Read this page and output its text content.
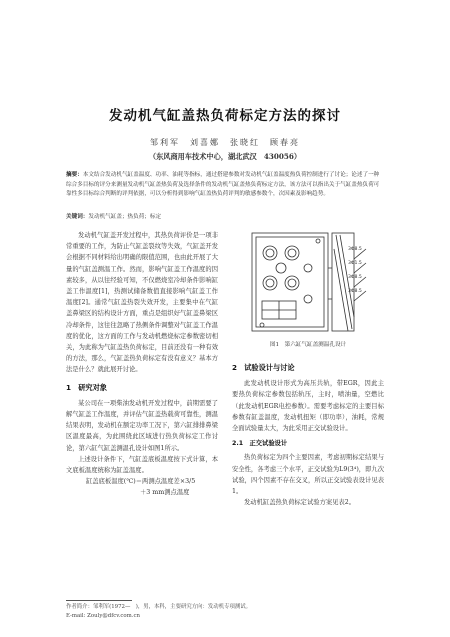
发动机气缸盖热负荷标定方法的探讨
邹利军　刘喜娜　张晓红　顾春亮
（东风商用车技术中心，湖北武汉　430056）
摘要：本文结合发动机气缸盖温度、功率、油耗等指标，通过搭建参数对发动机气缸盖温度热负荷控制进行了讨论；论述了一种综合多目标的评分来测量发动机气缸盖热负荷及选择条件的发动机气缸盖热负荷标定方法，该方法可以指出关于气缸盖热负荷可靠性多目标综合判断的评判依据，可以分析得到影响气缸盖热负荷评判的敏感参数个，次因素及影响趋势。
关键词：发动机气缸盖；热负荷；标定

发动机气缸盖开发过程中，其热负荷评价是一项非常重要的工作，为防止气缸盖裂纹等失效，气缸盖开发会根据不同材料给出明确的限值范围，也由此开展了大量的气缸盖测温工作。然而，影响气缸盖工作温度的因素较多，从以往经验可知，不仅燃烧室冷却条件影响缸盖工作温度[1]，热测试储备数值直接影响气缸盖工作温度[2]。通常气缸盖热裂失效开发，主要集中在气缸盖鼻梁区的结构设计方面，重点是组织好气缸盖鼻梁区冷却条件，这往往忽略了热侧条件调整对气缸盖工作温度的优化，这方面的工作与发动机燃烧标定参数密切相关，为此称为气缸盖热负荷标定，目前还没有一种有效的方法，那么，气缸盖热负荷标定有没有意义？基本方法是什么？就此展开讨论。

1　研究对象

某公司在一项柴油发动机开发过程中，前期需要了解气缸盖工作温度，并评估气缸盖热载荷可靠性，测温结果表明，发动机在额定功率工况下，第六缸排排鼻梁区温度最高，为此围绕此区域进行热负荷标定工作讨论，第六缸气缸盖测温孔设计如图1所示。

上述设计条件下，气缸盖底板温度按下式计算，本文底板温度统称为缸盖温度。

缸盖底板温度(℃)＝两测点温度差×3/5

＋3 mm测点温度

3Φ8.5
3Φ1.5
3Φ8.5
3Φ8.5
图1　第六缸气缸盖测温孔设计
2　试验设计与讨论

此发动机设计形式为高压共轨，带EGR，因此主要热负荷标定参数包括轨压，主时，喷油量，空燃比（此发动机EGR电控参数）。需要考虑标定的主要目标参数有缸盖温度，发动机扭矩（即功率），油耗，常规全面试验量太大，为此采用正交试验设计。

2.1　正交试验设计

热负荷标定为四个主要因素，考虑初期标定结果与安全性，各考虑三个水平，正交试验为L9(3⁴)，即九次试验，四个因素不存在交叉，所以正交试验表设计见表1。

发动机缸盖热负荷标定试验方案见表2。

作者简介：邹利军(1972—　)，男，本科，主要研究方向：发动机专项测试。
E-mail: Zouly@dfcv.com.cn
